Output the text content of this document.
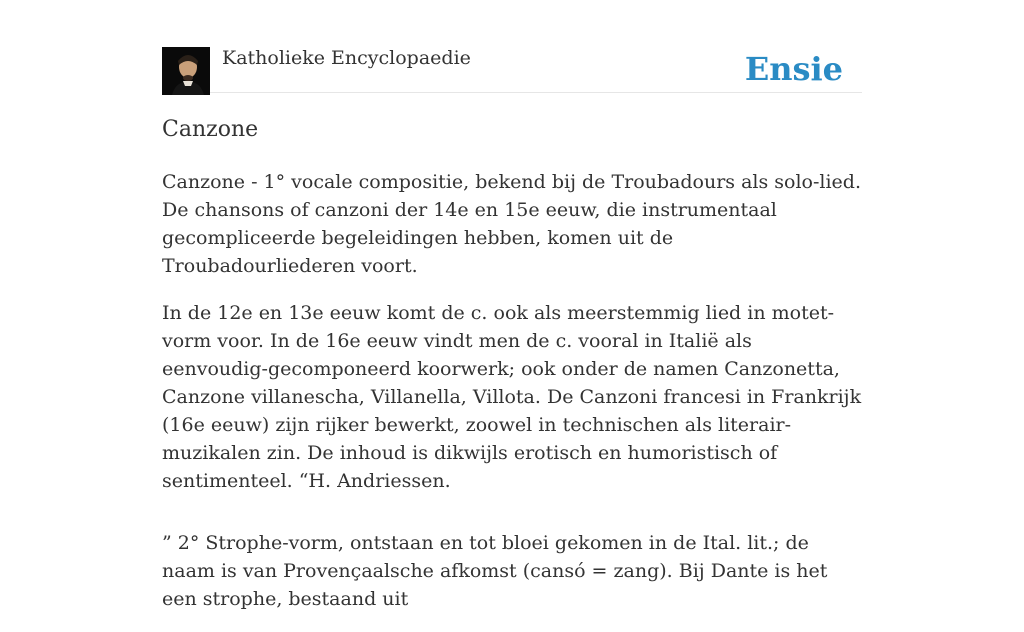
Katholieke Encyclopaedie	Ensie
Canzone

Canzone - 1° vocale compositie, bekend bij de Troubadours als solo-lied. De chansons of canzoni der 14e en 15e eeuw, die instrumentaal gecompliceerde begeleidingen hebben, komen uit de Troubadourliederen voort.

In de 12e en 13e eeuw komt de c. ook als meerstemmig lied in motet-vorm voor. In de 16e eeuw vindt men de c. vooral in Italië als eenvoudig-gecomponeerd koorwerk; ook onder de namen Canzonetta, Canzone villanescha, Villanella, Villota. De Canzoni francesi in Frankrijk (16e eeuw) zijn rijker bewerkt, zoowel in technischen als literair-muzikalen zin. De inhoud is dikwijls erotisch en humoristisch of sentimenteel. “H. Andriessen.

” 2° Strophe-vorm, ontstaan en tot bloei gekomen in de Ital. lit.; de naam is van Provençaalsche afkomst (cansó = zang). Bij Dante is het een strophe, bestaand uit
